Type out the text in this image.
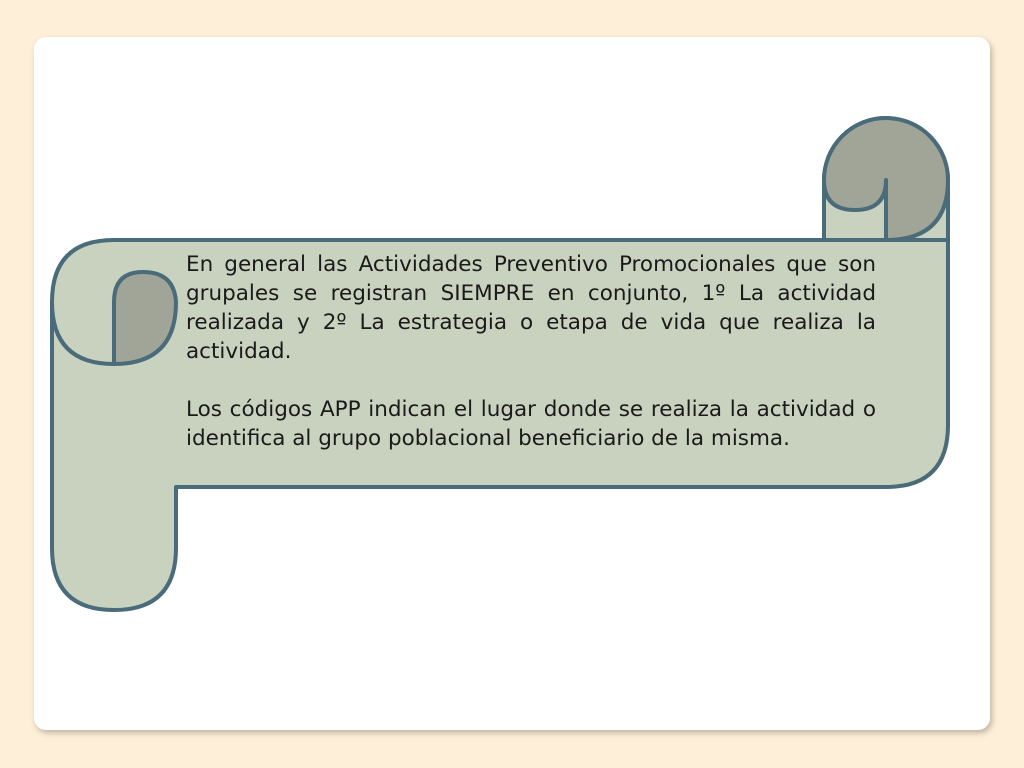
En general las Actividades Preventivo Promocionales que son grupales se registran SIEMPRE en conjunto, 1º La actividad realizada y 2º La estrategia o etapa de vida que realiza la actividad.

Los códigos APP indican el lugar donde se realiza la actividad o identifica al grupo poblacional beneficiario de la misma.
